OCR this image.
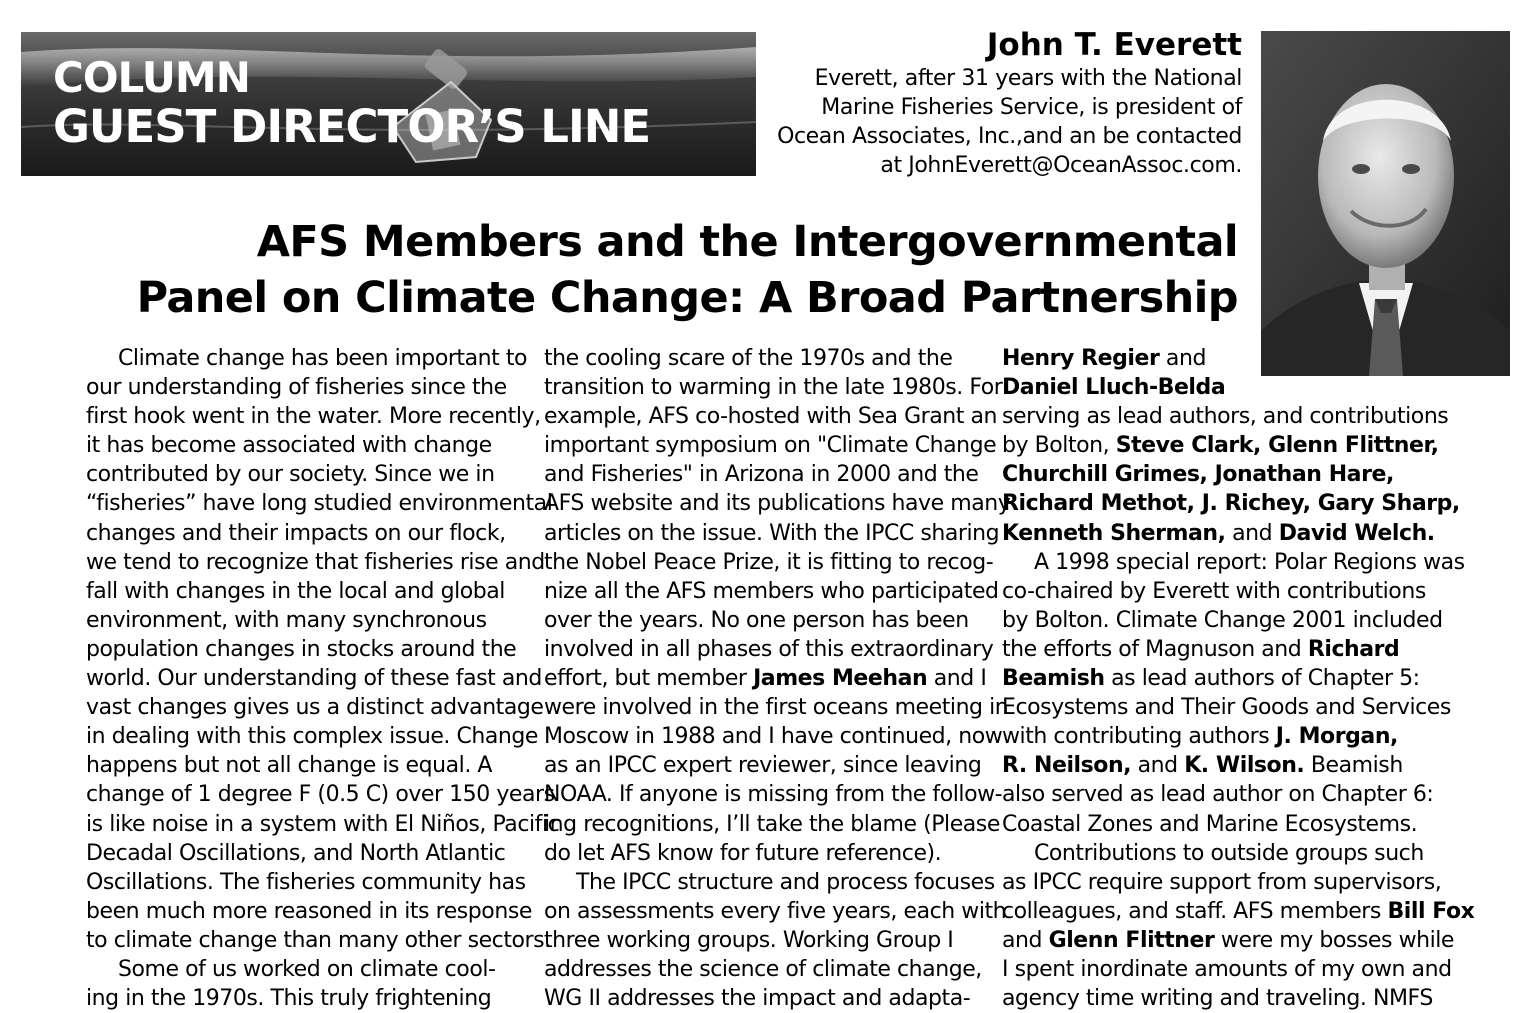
COLUMN
GUEST DIRECTOR’S LINE
John T. Everett
Everett, after 31 years with the National
Marine Fisheries Service, is president of
Ocean Associates, Inc.,and an be contacted
at JohnEverett@OceanAssoc.com.
AFS Members and the Intergovernmental
Panel on Climate Change: A Broad Partnership

Climate change has been important to

our understanding of fisheries since the

first hook went in the water. More recently,

it has become associated with change

contributed by our society. Since we in

“fisheries” have long studied environmental

changes and their impacts on our flock,

we tend to recognize that fisheries rise and

fall with changes in the local and global

environment, with many synchronous

population changes in stocks around the

world. Our understanding of these fast and

vast changes gives us a distinct advantage

in dealing with this complex issue. Change

happens but not all change is equal. A

change of 1 degree F (0.5 C) over 150 years

is like noise in a system with El Niños, Pacific

Decadal Oscillations, and North Atlantic

Oscillations. The fisheries community has

been much more reasoned in its response

to climate change than many other sectors.

Some of us worked on climate cool-

ing in the 1970s. This truly frightening

the cooling scare of the 1970s and the

transition to warming in the late 1980s. For

example, AFS co-hosted with Sea Grant an

important symposium on "Climate Change

and Fisheries" in Arizona in 2000 and the

AFS website and its publications have many

articles on the issue. With the IPCC sharing

the Nobel Peace Prize, it is fitting to recog-

nize all the AFS members who participated

over the years. No one person has been

involved in all phases of this extraordinary

effort, but member James Meehan and I

were involved in the first oceans meeting in

Moscow in 1988 and I have continued, now

as an IPCC expert reviewer, since leaving

NOAA. If anyone is missing from the follow-

ing recognitions, I’ll take the blame (Please

do let AFS know for future reference).

The IPCC structure and process focuses

on assessments every five years, each with

three working groups. Working Group I

addresses the science of climate change,

WG II addresses the impact and adapta-

Henry Regier and

Daniel Lluch-Belda

serving as lead authors, and contributions

by Bolton, Steve Clark, Glenn Flittner,

Churchill Grimes, Jonathan Hare,

Richard Methot, J. Richey, Gary Sharp,

Kenneth Sherman, and David Welch.

A 1998 special report: Polar Regions was

co-chaired by Everett with contributions

by Bolton. Climate Change 2001 included

the efforts of Magnuson and Richard

Beamish as lead authors of Chapter 5:

Ecosystems and Their Goods and Services

with contributing authors J. Morgan,

R. Neilson, and K. Wilson. Beamish

also served as lead author on Chapter 6:

Coastal Zones and Marine Ecosystems.

Contributions to outside groups such

as IPCC require support from supervisors,

colleagues, and staff. AFS members Bill Fox

and Glenn Flittner were my bosses while

I spent inordinate amounts of my own and

agency time writing and traveling. NMFS
